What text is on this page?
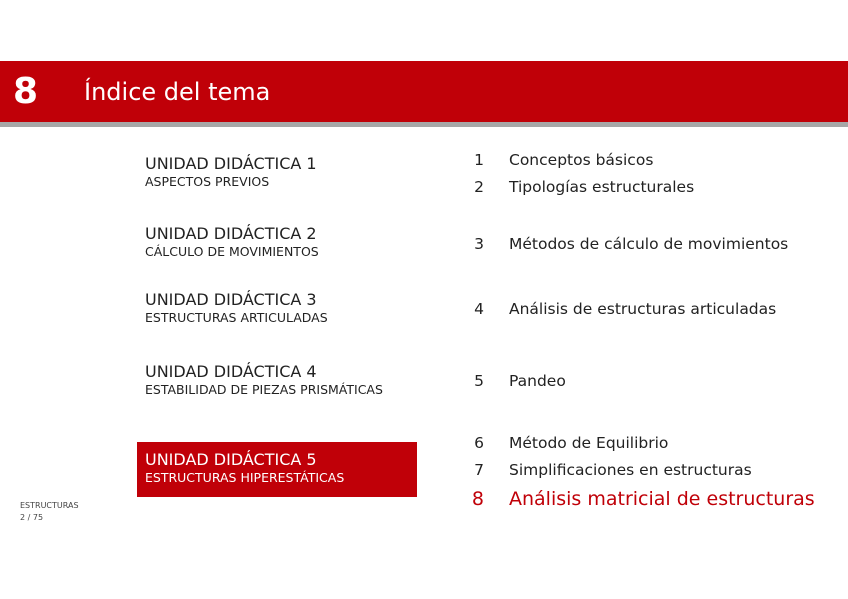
8 Índice del tema
UNIDAD DIDÁCTICA 1
ASPECTOS PREVIOS
UNIDAD DIDÁCTICA 2
CÁLCULO DE MOVIMIENTOS
UNIDAD DIDÁCTICA 3
ESTRUCTURAS ARTICULADAS
UNIDAD DIDÁCTICA 4
ESTABILIDAD DE PIEZAS PRISMÁTICAS
UNIDAD DIDÁCTICA 5
ESTRUCTURAS HIPERESTÁTICAS
1 Conceptos básicos
2 Tipologías estructurales
3 Métodos de cálculo de movimientos
4 Análisis de estructuras articuladas
5 Pandeo
6 Método de Equilibrio
7 Simplificaciones en estructuras
8 Análisis matricial de estructuras
ESTRUCTURAS
2 / 75
